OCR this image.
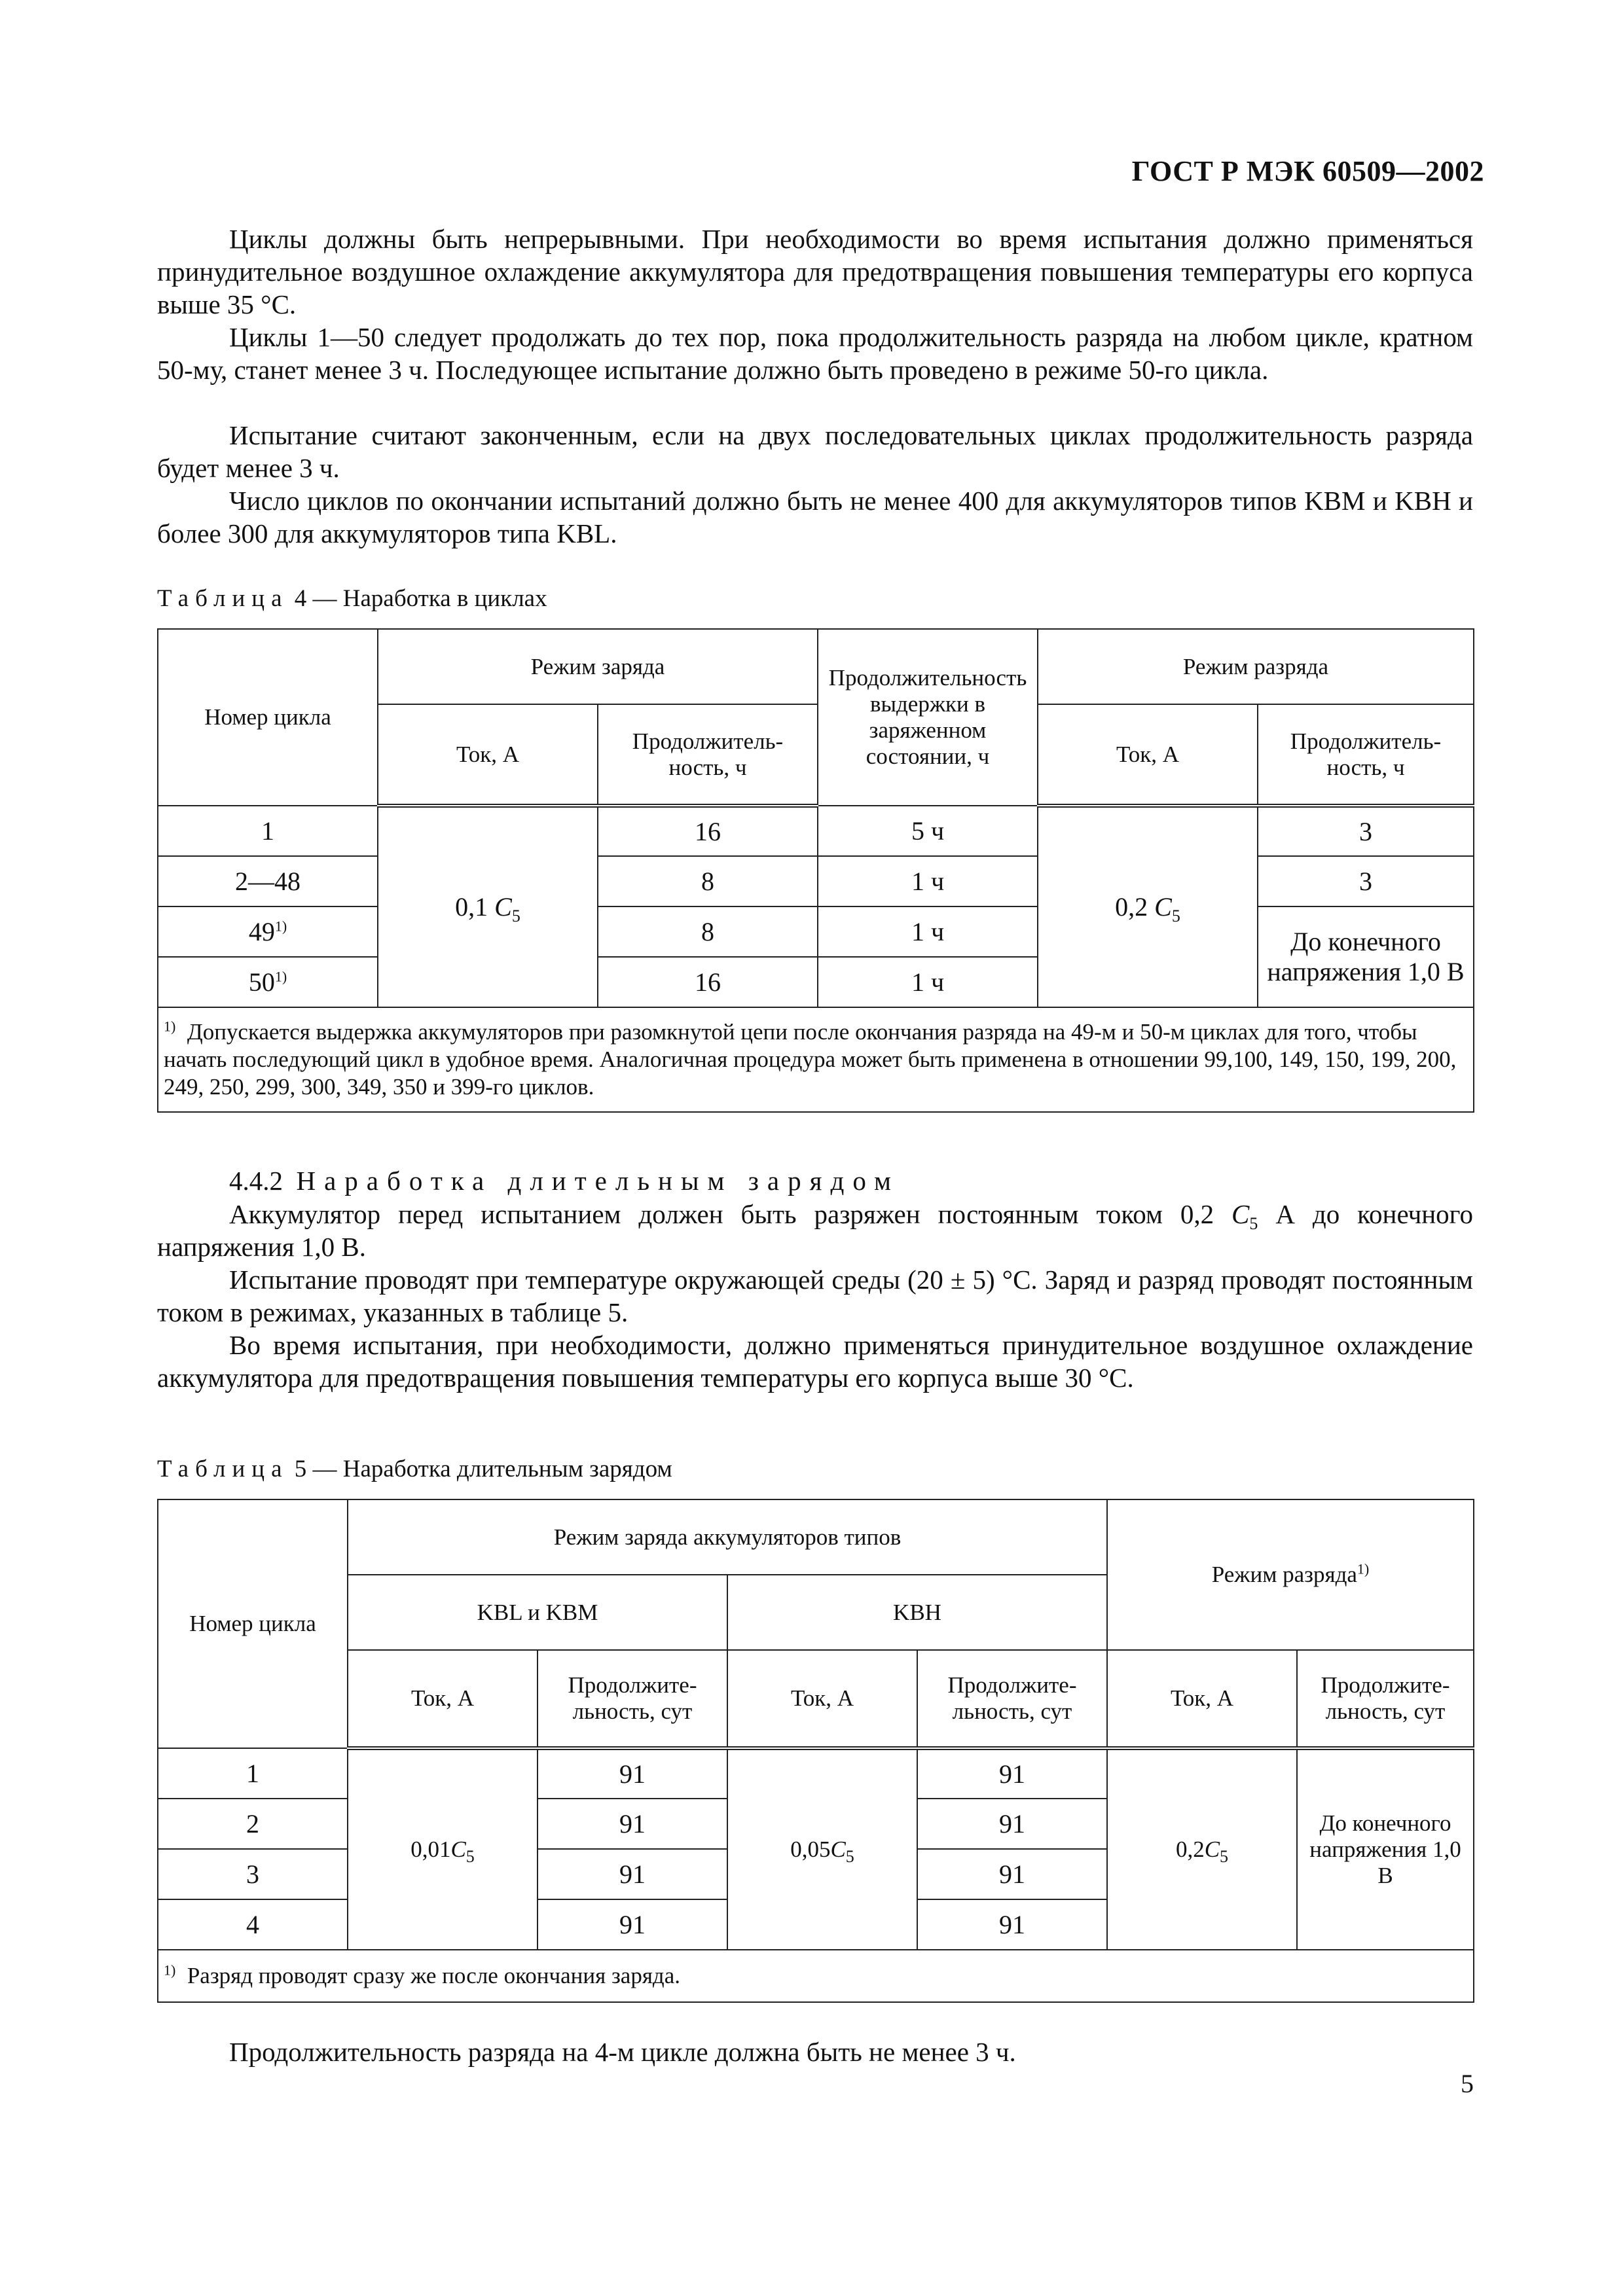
ГОСТ Р МЭК 60509—2002

Циклы должны быть непрерывными. При необходимости во время испытания должно применяться принудительное воздушное охлаждение аккумулятора для предотвращения повышения температуры его корпуса выше 35 °С.

Циклы 1—50 следует продолжать до тех пор, пока продолжительность разряда на любом цикле, кратном 50-му, станет менее 3 ч. Последующее испытание должно быть проведено в режиме 50-го цикла.

Испытание считают законченным, если на двух последовательных циклах продолжительность разряда будет менее 3 ч.

Число циклов по окончании испытаний должно быть не менее 400 для аккумуляторов типов KBM и KBH и более 300 для аккумуляторов типа KBL.

Таблица 4 — Наработка в циклах
Номер цикла	Режим заряда		Продолжительность выдержки в заряженном состоянии, ч	Режим разряда	
	Ток, А	Продолжитель-ность, ч		Ток, А	Продолжитель-ность, ч
1	0,1 $C_5$	16	5 ч	0,2 $C_5$	3
2—48		8	1 ч		3
49$^{1)}$		8	1 ч		До конечного напряжения 1,0 В
50$^{1)}$		16	1 ч		
$^{1)}$ Допускается выдержка аккумуляторов при разомкнутой цепи после окончания разряда на 49-м и 50-м циклах для того, чтобы начать последующий цикл в удобное время. Аналогичная процедура может быть применена в отношении 99,100, 149, 150, 199, 200, 249, 250, 299, 300, 349, 350 и 399-го циклов.					
4.4.2 Наработка длительным зарядом

Аккумулятор перед испытанием должен быть разряжен постоянным током 0,2 $C_5$ А до конечного напряжения 1,0 В.

Испытание проводят при температуре окружающей среды (20 ± 5) °С. Заряд и разряд проводят постоянным током в режимах, указанных в таблице 5.

Во время испытания, при необходимости, должно применяться принудительное воздушное охлаждение аккумулятора для предотвращения повышения температуры его корпуса выше 30 °С.

Таблица 5 — Наработка длительным зарядом
Номер цикла	Режим заряда аккумуляторов типов				Режим разряда$^{1)}$
	KBL и KBM		KBH			
	Ток, А	Продолжите-льность, сут	Ток, А	Продолжите-льность, сут	Ток, А	Продолжите-льность, сут
1	$0,01C_5$	91	$0,05C_5$	91	$0,2C_5$	До конечного напряжения 1,0 В
2		91		91		
3		91		91		
4		91		91		
$^{1)}$ Разряд проводят сразу же после окончания заряда.						

Продолжительность разряда на 4-м цикле должна быть не менее 3 ч.

5
